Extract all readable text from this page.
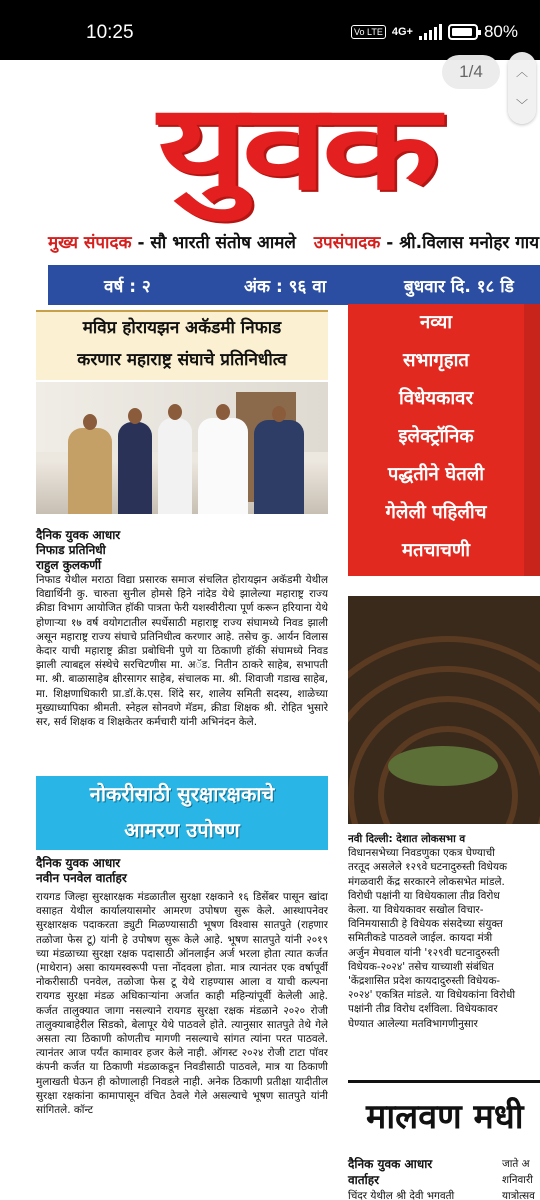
10:25	Vo LTE 4G+	80%
युवक
मुख्य संपादक - सौ भारती संतोष आमले उपसंपादक - श्री.विलास मनोहर गाय
वर्ष : २	अंक : ९६ वा	बुधवार दि. १८ डि
1/4	︿
﹀
मविप्र होरायझन अकॅडमी निफाड
करणार महाराष्ट्र संघाचे प्रतिनिधीत्व
दैनिक युवक आधार
निफाड प्रतिनिधी
राहुल कुलकर्णी
निफाड येथील मराठा विद्या प्रसारक समाज संचलित होरायझन अकॅडमी येथील विद्यार्थिनी कु. चारुता सुनील होमसे हिने नांदेड येथे झालेल्या महाराष्ट्र राज्य क्रीडा विभाग आयोजित हॉकी पात्रता फेरी यशस्वीरीत्या पूर्ण करून हरियाना येथे होणाऱ्या १७ वर्ष वयोगटातील स्पर्धेसाठी महाराष्ट्र राज्य संघामध्ये निवड झाली असून महाराष्ट्र राज्य संघाचे प्रतिनिधीत्व करणार आहे. तसेच कु. आर्यन विलास केदार याची महाराष्ट्र क्रीडा प्रबोधिनी पुणे या ठिकाणी हॉकी संघामध्ये निवड झाली त्याबद्दल संस्थेचे सरचिटणीस मा. अॅड. नितीन ठाकरे साहेब, सभापती मा. श्री. बाळासाहेब क्षीरसागर साहेब, संचालक मा. श्री. शिवाजी गडाख साहेब, मा. शिक्षणाधिकारी प्रा.डॉ.के.एस. शिंदे सर, शालेय समिती सदस्य, शाळेच्या मुख्याध्यापिका श्रीमती. स्नेहल सोनवणे मॅडम, क्रीडा शिक्षक श्री. रोहित भुसारे सर, सर्व शिक्षक व शिक्षकेतर कर्मचारी यांनी अभिनंदन केले.
नोकरीसाठी सुरक्षारक्षकाचे
आमरण उपोषण
दैनिक युवक आधार
नवीन पनवेल वार्ताहर
रायगड जिल्हा सुरक्षारक्षक मंडळातील सुरक्षा रक्षकाने १६ डिसेंबर पासून खांदा वसाहत येथील कार्यालयासमोर आमरण उपोषण सुरू केले. आस्थापनेवर सुरक्षारक्षक पदाकरता ड्युटी मिळण्यासाठी भूषण विश्वास सातपुते (राहणार तळोजा फेस टू) यांनी हे उपोषण सुरू केले आहे. भूषण सातपुते यांनी २०१९ च्या मंडळाच्या सुरक्षा रक्षक पदासाठी ऑनलाईन अर्ज भरला होता त्यात कर्जत (माथेरान) असा कायमस्वरूपी पत्ता नोंदवला होता. मात्र त्यानंतर एक वर्षापूर्वी नोकरीसाठी पनवेल, तळोजा फेस टू येथे राहण्यास आला व याची कल्पना रायगड सुरक्षा मंडळ अधिकाऱ्यांना अर्जात काही महिन्यांपूर्वी केलेली आहे. कर्जत तालुक्यात जागा नसल्याने रायगड सुरक्षा रक्षक मंडळाने २०२० रोजी तालुक्याबाहेरील सिडको, बेलापूर येथे पाठवले होते. त्यानुसार सातपुते तेथे गेले असता त्या ठिकाणी कोणतीच मागणी नसल्याचे सांगत त्यांना परत पाठवले. त्यानंतर आज पर्यंत कामावर हजर केले नाही. ऑगस्ट २०२४ रोजी टाटा पॉवर कंपनी कर्जत या ठिकाणी मंडळाकडून निवडीसाठी पाठवले, मात्र या ठिकाणी मुलाखती घेऊन ही कोणालाही निवडले नाही. अनेक ठिकाणी प्रतीक्षा यादीतील सुरक्षा रक्षकांना कामापासून वंचित ठेवले गेले असल्याचे भूषण सातपुते यांनी सांगितले. कॉन्ट
नव्या
सभागृहात
विधेयकावर
इलेक्ट्रॉनिक
पद्धतीने घेतली
गेलेली पहिलीच
मतचाचणी
नवी दिल्ली: देशात लोकसभा व
विधानसभेच्या निवडणुका एकत्र घेण्याची
तरतूद असलेले १२९वे घटनादुरुस्ती विधेयक
मंगळवारी केंद्र सरकारने लोकसभेत मांडले.
विरोधी पक्षांनी या विधेयकाला तीव्र विरोध
केला. या विधेयकावर सखोल विचार-
विनिमयासाठी हे विधेयक संसदेच्या संयुक्त
समितीकडे पाठवले जाईल. कायदा मंत्री
अर्जुन मेघवाल यांनी '१२९वी घटनादुरुस्ती
विधेयक-२०२४' तसेच याच्याशी संबंधित
'केंद्रशासित प्रदेश कायदादुरुस्ती विधेयक-
२०२४' एकत्रित मांडले. या विधेयकांना विरोधी
पक्षांनी तीव्र विरोध दर्शविला. विधेयकावर
घेण्यात आलेल्या मतविभागणीनुसार
मालवण मधी
दैनिक युवक आधार
वार्ताहर
चिंदर येथील श्री देवी भगवती
जाते अ
शनिवारी
यात्रोत्सव
